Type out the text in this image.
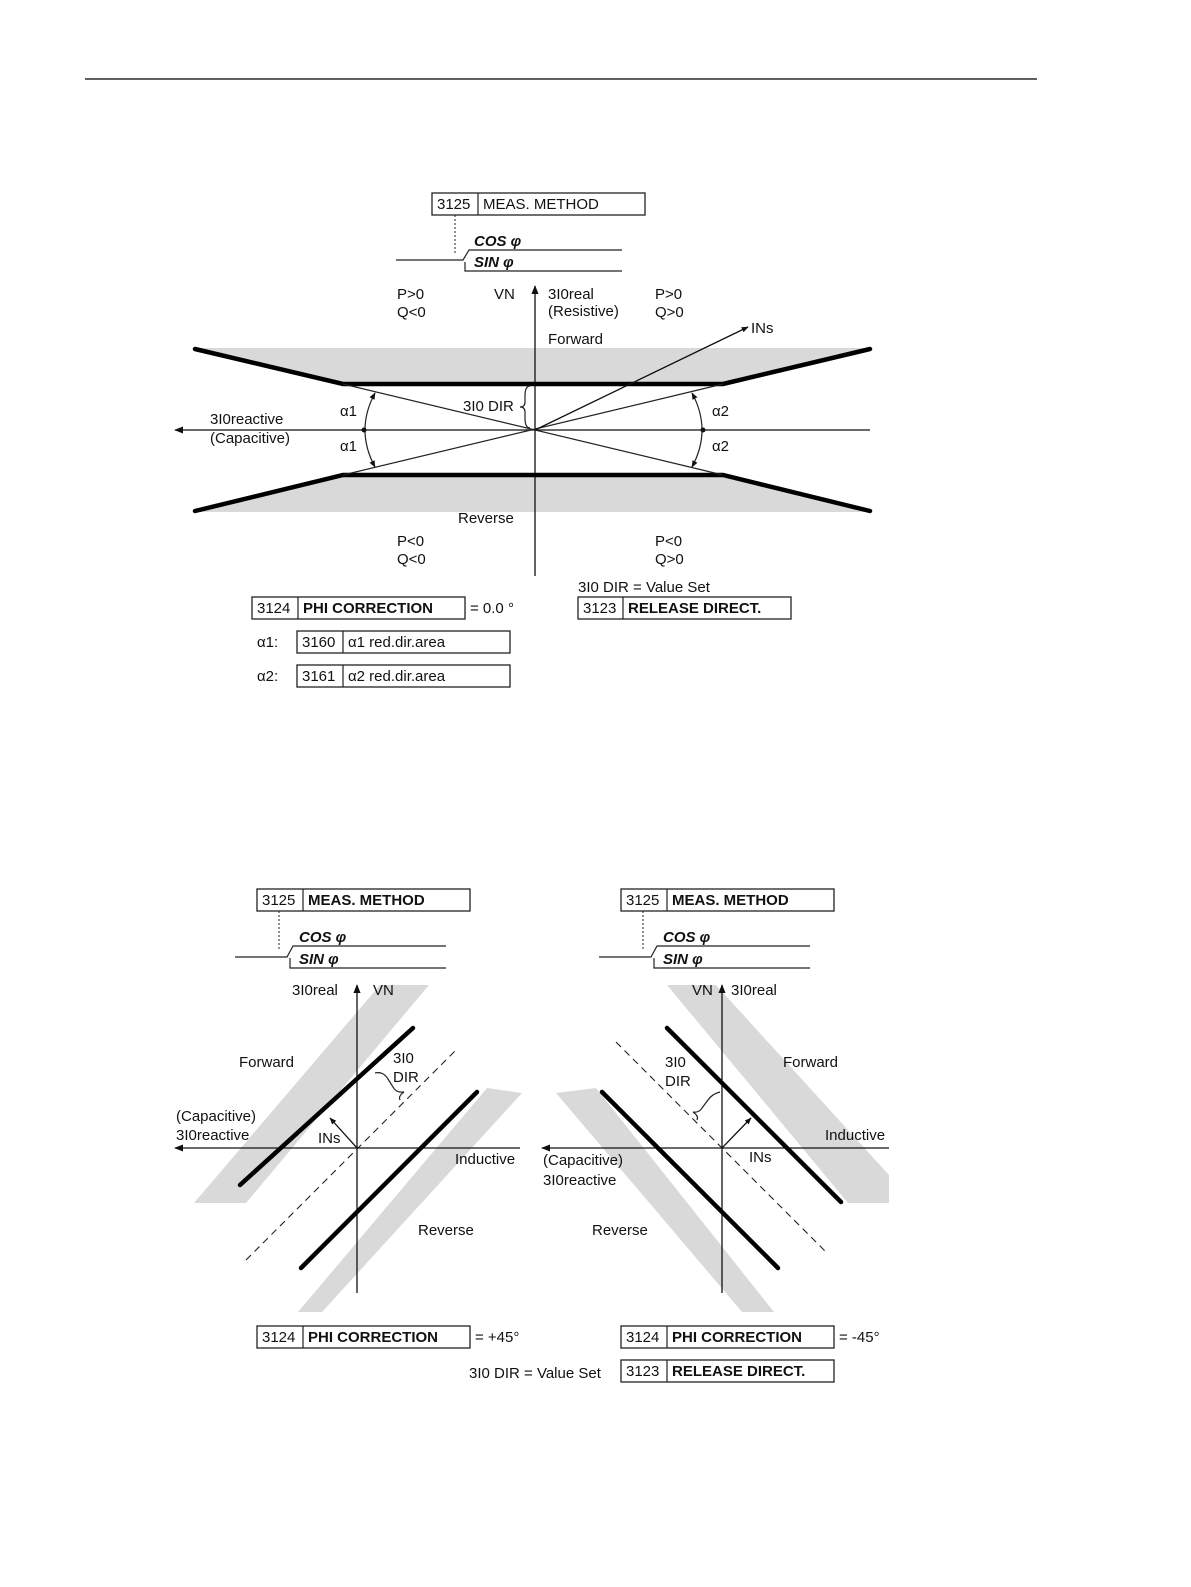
3125 MEAS. METHOD
COS φ
SIN φ
P>0
Q<0
VN 3I0real
(Resistive)
P>0
Q>0
INs
Forward
3I0reactive
(Capacitive)
α1
α1
α2
α2
3I0 DIR
Reverse
P<0
Q<0
P<0
Q>0
3124 PHI CORRECTION = 0.0 °
3I0 DIR = Value Set
3123 RELEASE DIRECT.
α1: 3160 α1 red.dir.area
α2: 3161 α2 red.dir.area
3125 MEAS. METHOD
COS φ
SIN φ
3I0real VN
Forward	3I0
DIR
(Capacitive)
3I0reactive	INs
Inductive
Reverse
3124 PHI CORRECTION = +45°
3125 MEAS. METHOD
COS φ
SIN φ
VN 3I0real
3I0
DIR
Forward
Inductive
INs
(Capacitive)
3I0reactive
Reverse
3124 PHI CORRECTION = -45°
3I0 DIR = Value Set 3123 RELEASE DIRECT.
